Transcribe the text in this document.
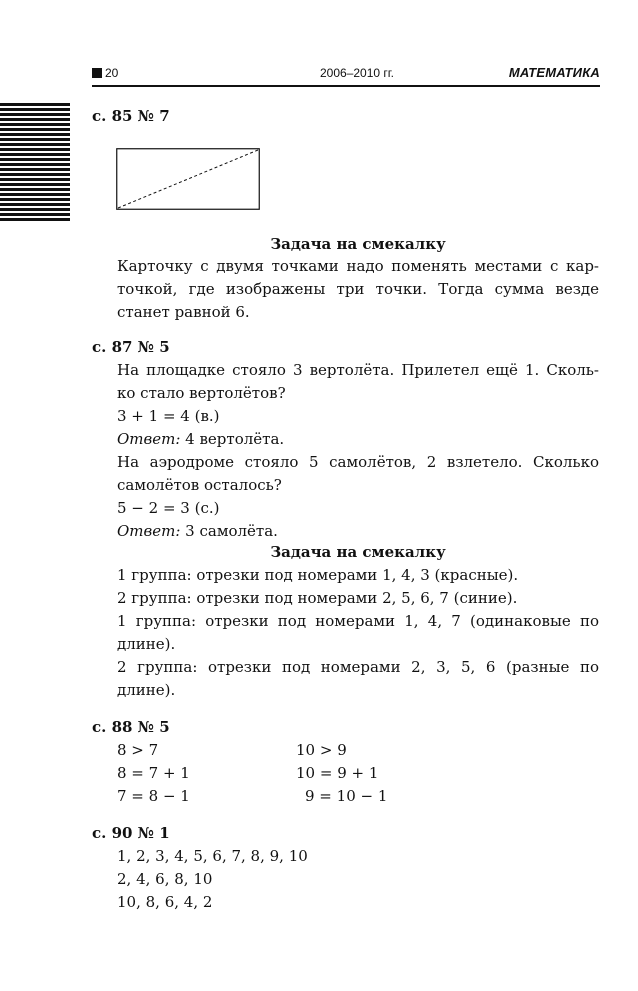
20	2006–2010 гг.	МАТЕМАТИКА
с. 85 № 7
Задача на смекалку
Карточку с двумя точками надо поменять местами с кар-
точкой, где изображены три точки. Тогда сумма везде
станет равной 6.
с. 87 № 5
На площадке стояло 3 вертолёта. Прилетел ещё 1. Сколь-
ко стало вертолётов?
3 + 1 = 4 (в.)
Ответ: 4 вертолёта.
На аэродроме стояло 5 самолётов, 2 взлетело. Сколько
самолётов осталось?
5 − 2 = 3 (с.)
Ответ: 3 самолёта.
Задача на смекалку
1 группа: отрезки под номерами 1, 4, 3 (красные).
2 группа: отрезки под номерами 2, 5, 6, 7 (синие).
1 группа: отрезки под номерами 1, 4, 7 (одинаковые по
длине).
2 группа: отрезки под номерами 2, 3, 5, 6 (разные по
длине).
с. 88 № 5
8 > 7
8 = 7 + 1
7 = 8 − 1
10 > 9
10 = 9 + 1
9 = 10 − 1
с. 90 № 1
1, 2, 3, 4, 5, 6, 7, 8, 9, 10
2, 4, 6, 8, 10
10, 8, 6, 4, 2
